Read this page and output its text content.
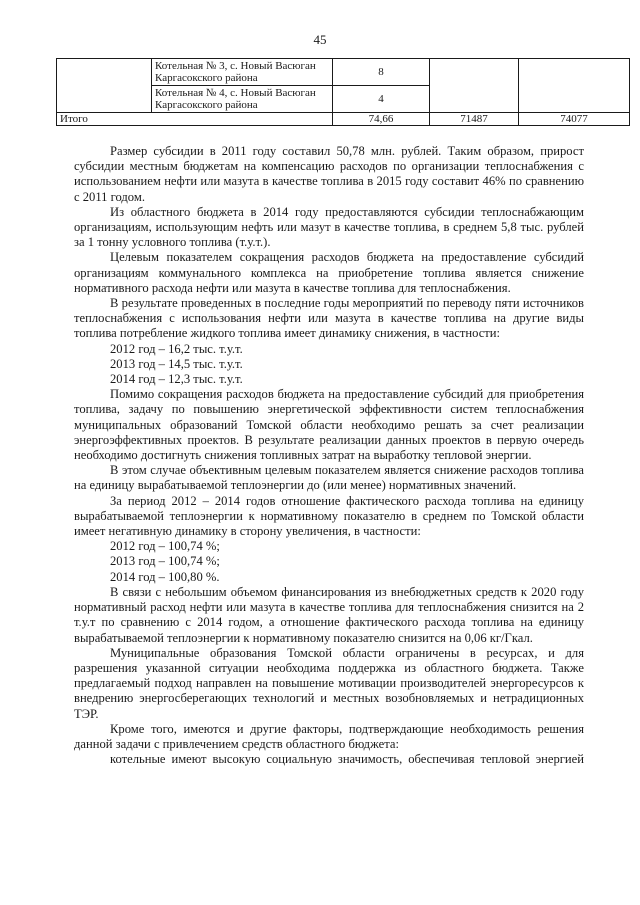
45
	Котельная № 3, с. Новый Васюган Каргасокского района	8		
	Котельная № 4, с. Новый Васюган Каргасокского района	4		
Итого		74,66	71487	74077

Размер субсидии в 2011 году составил 50,78 млн. рублей. Таким образом, прирост субсидии местным бюджетам на компенсацию расходов по организации теплоснабжения с использованием нефти или мазута в качестве топлива в 2015 году составит 46% по сравнению с 2011 годом.

Из областного бюджета в 2014 году предоставляются субсидии теплоснабжающим организациям, использующим нефть или мазут в качестве топлива, в среднем 5,8 тыс. рублей за 1 тонну условного топлива (т.у.т.).

Целевым показателем сокращения расходов бюджета на предоставление субсидий организациям коммунального комплекса на приобретение топлива является снижение нормативного расхода нефти или мазута в качестве топлива для теплоснабжения.

В результате проведенных в последние годы мероприятий по переводу пяти источников теплоснабжения с использования нефти или мазута в качестве топлива на другие виды топлива потребление жидкого топлива имеет динамику снижения, в частности:

2012 год – 16,2 тыс. т.у.т.

2013 год – 14,5 тыс. т.у.т.

2014 год – 12,3 тыс. т.у.т.

Помимо сокращения расходов бюджета на предоставление субсидий для приобретения топлива, задачу по повышению энергетической эффективности систем теплоснабжения муниципальных образований Томской области необходимо решать за счет реализации энергоэффективных проектов. В результате реализации данных проектов в первую очередь необходимо достигнуть снижения топливных затрат на выработку тепловой энергии.

В этом случае объективным целевым показателем является снижение расходов топлива на единицу вырабатываемой теплоэнергии до (или менее) нормативных значений.

За период 2012 – 2014 годов отношение фактического расхода топлива на единицу вырабатываемой теплоэнергии к нормативному показателю в среднем по Томской области имеет негативную динамику в сторону увеличения, в частности:

2012 год – 100,74 %;

2013 год – 100,74 %;

2014 год – 100,80 %.

В связи с небольшим объемом финансирования из внебюджетных средств к 2020 году нормативный расход нефти или мазута в качестве топлива для теплоснабжения снизится на 2 т.у.т по сравнению с 2014 годом, а отношение фактического расхода топлива на единицу вырабатываемой теплоэнергии к нормативному показателю снизится на 0,06 кг/Гкал.

Муниципальные образования Томской области ограничены в ресурсах, и для разрешения указанной ситуации необходима поддержка из областного бюджета. Также предлагаемый подход направлен на повышение мотивации производителей энергоресурсов к внедрению энергосберегающих технологий и местных возобновляемых и нетрадиционных ТЭР.

Кроме того, имеются и другие факторы, подтверждающие необходимость решения данной задачи с привлечением средств областного бюджета:

котельные имеют высокую социальную значимость, обеспечивая тепловой энергией
